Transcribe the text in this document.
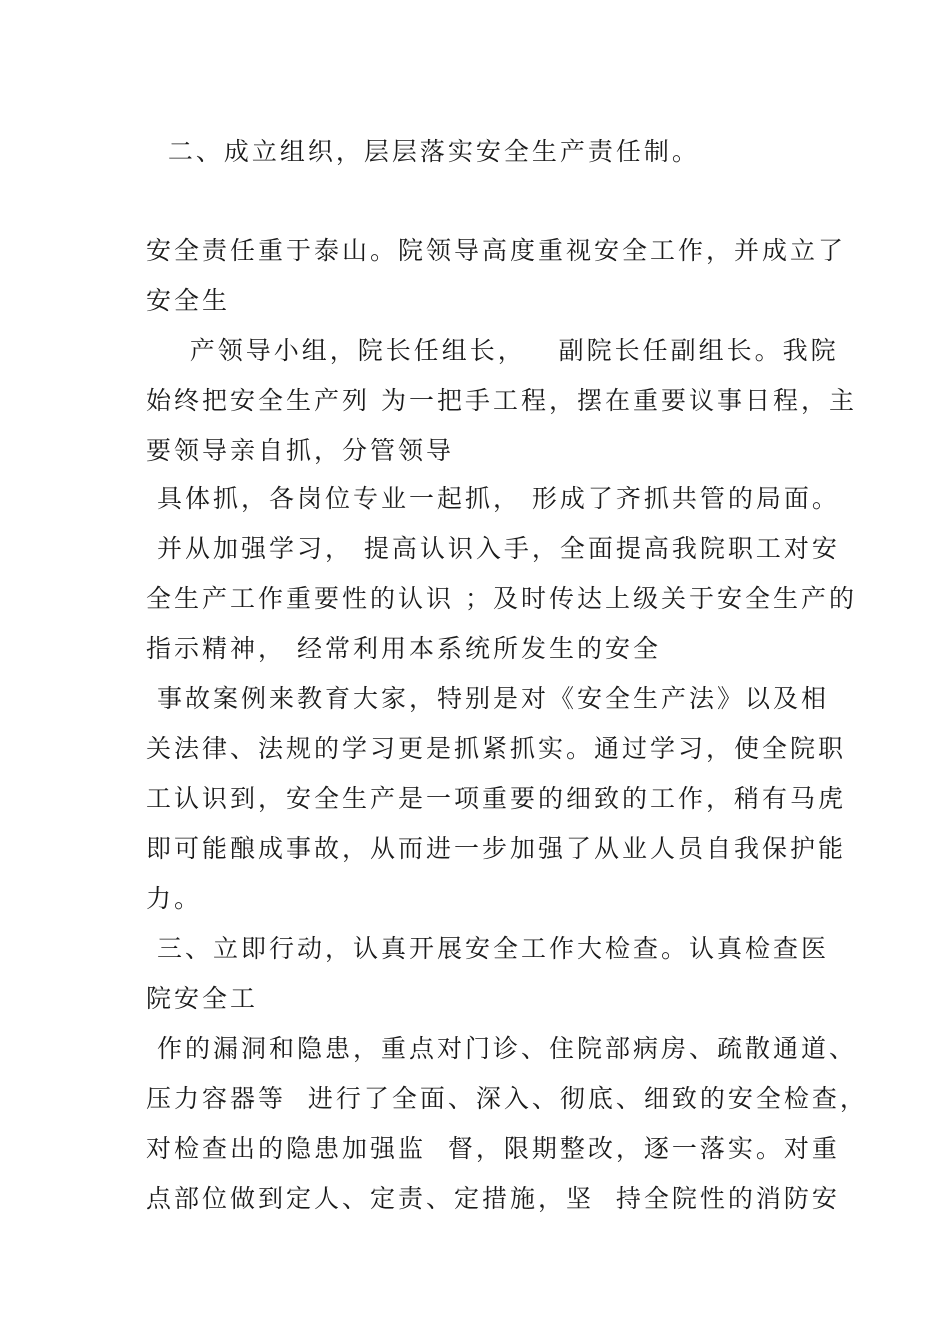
二、成立组织，层层落实安全生产责任制。

安全责任重于泰山。院领导高度重视安全工作，并成立了

安全生

产领导小组，院长任组长，   副院长任副组长。我院

始终把安全生产列 为一把手工程，摆在重要议事日程，主

要领导亲自抓，分管领导

具体抓，各岗位专业一起抓， 形成了齐抓共管的局面。

并从加强学习， 提高认识入手，全面提高我院职工对安

全生产工作重要性的认识 ；及时传达上级关于安全生产的

指示精神， 经常利用本系统所发生的安全

事故案例来教育大家，特别是对《安全生产法》以及相

关法律、法规的学习更是抓紧抓实。通过学习，使全院职

工认识到，安全生产是一项重要的细致的工作，稍有马虎

即可能酿成事故，从而进一步加强了从业人员自我保护能

力。

三、立即行动，认真开展安全工作大检查。认真检查医

院安全工

作的漏洞和隐患，重点对门诊、住院部病房、疏散通道、

压力容器等  进行了全面、深入、彻底、细致的安全检查，

对检查出的隐患加强监  督，限期整改，逐一落实。对重

点部位做到定人、定责、定措施，坚  持全院性的消防安
